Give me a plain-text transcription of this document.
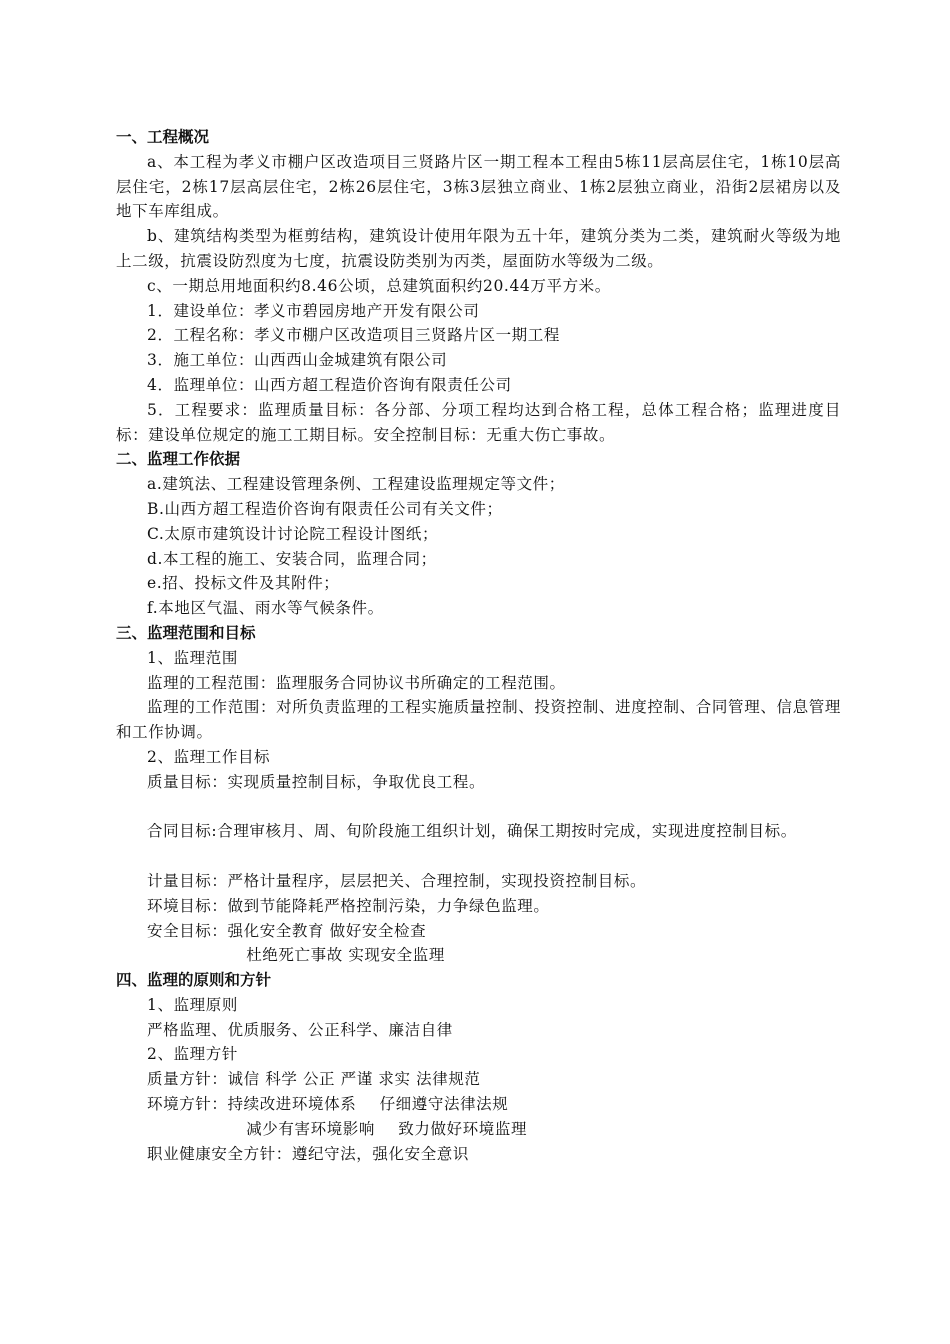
一、工程概况
a、本工程为孝义市棚户区改造项目三贤路片区一期工程本工程由5栋11层高层住宅，1栋10层高层住宅，2栋17层高层住宅，2栋26层住宅，3栋3层独立商业、1栋2层独立商业，沿街2层裙房以及地下车库组成。
b、建筑结构类型为框剪结构，建筑设计使用年限为五十年，建筑分类为二类，建筑耐火等级为地上二级，抗震设防烈度为七度，抗震设防类别为丙类，屋面防水等级为二级。
c、一期总用地面积约8.46公顷，总建筑面积约20.44万平方米。
1．建设单位：孝义市碧园房地产开发有限公司
2．工程名称：孝义市棚户区改造项目三贤路片区一期工程
3．施工单位：山西西山金城建筑有限公司
4．监理单位：山西方超工程造价咨询有限责任公司
5．工程要求：监理质量目标：各分部、分项工程均达到合格工程，总体工程合格；监理进度目标：建设单位规定的施工工期目标。安全控制目标：无重大伤亡事故。
二、监理工作依据
a.建筑法、工程建设管理条例、工程建设监理规定等文件；
B.山西方超工程造价咨询有限责任公司有关文件；
C.太原市建筑设计讨论院工程设计图纸；
d.本工程的施工、安装合同，监理合同；
e.招、投标文件及其附件；
f.本地区气温、雨水等气候条件。
三、监理范围和目标
1、监理范围
监理的工程范围：监理服务合同协议书所确定的工程范围。
监理的工作范围：对所负责监理的工程实施质量控制、投资控制、进度控制、合同管理、信息管理和工作协调。
2、监理工作目标
质量目标：实现质量控制目标，争取优良工程。
合同目标:合理审核月、周、旬阶段施工组织计划，确保工期按时完成，实现进度控制目标。
计量目标：严格计量程序，层层把关、合理控制，实现投资控制目标。
环境目标：做到节能降耗严格控制污染，力争绿色监理。
安全目标：强化安全教育 做好安全检查
杜绝死亡事故 实现安全监理
四、监理的原则和方针
1、监理原则
严格监理、优质服务、公正科学、廉洁自律
2、监理方针
质量方针：诚信 科学 公正 严谨 求实 法律规范
环境方针：持续改进环境体系 仔细遵守法律法规
减少有害环境影响 致力做好环境监理
职业健康安全方针：遵纪守法，强化安全意识
